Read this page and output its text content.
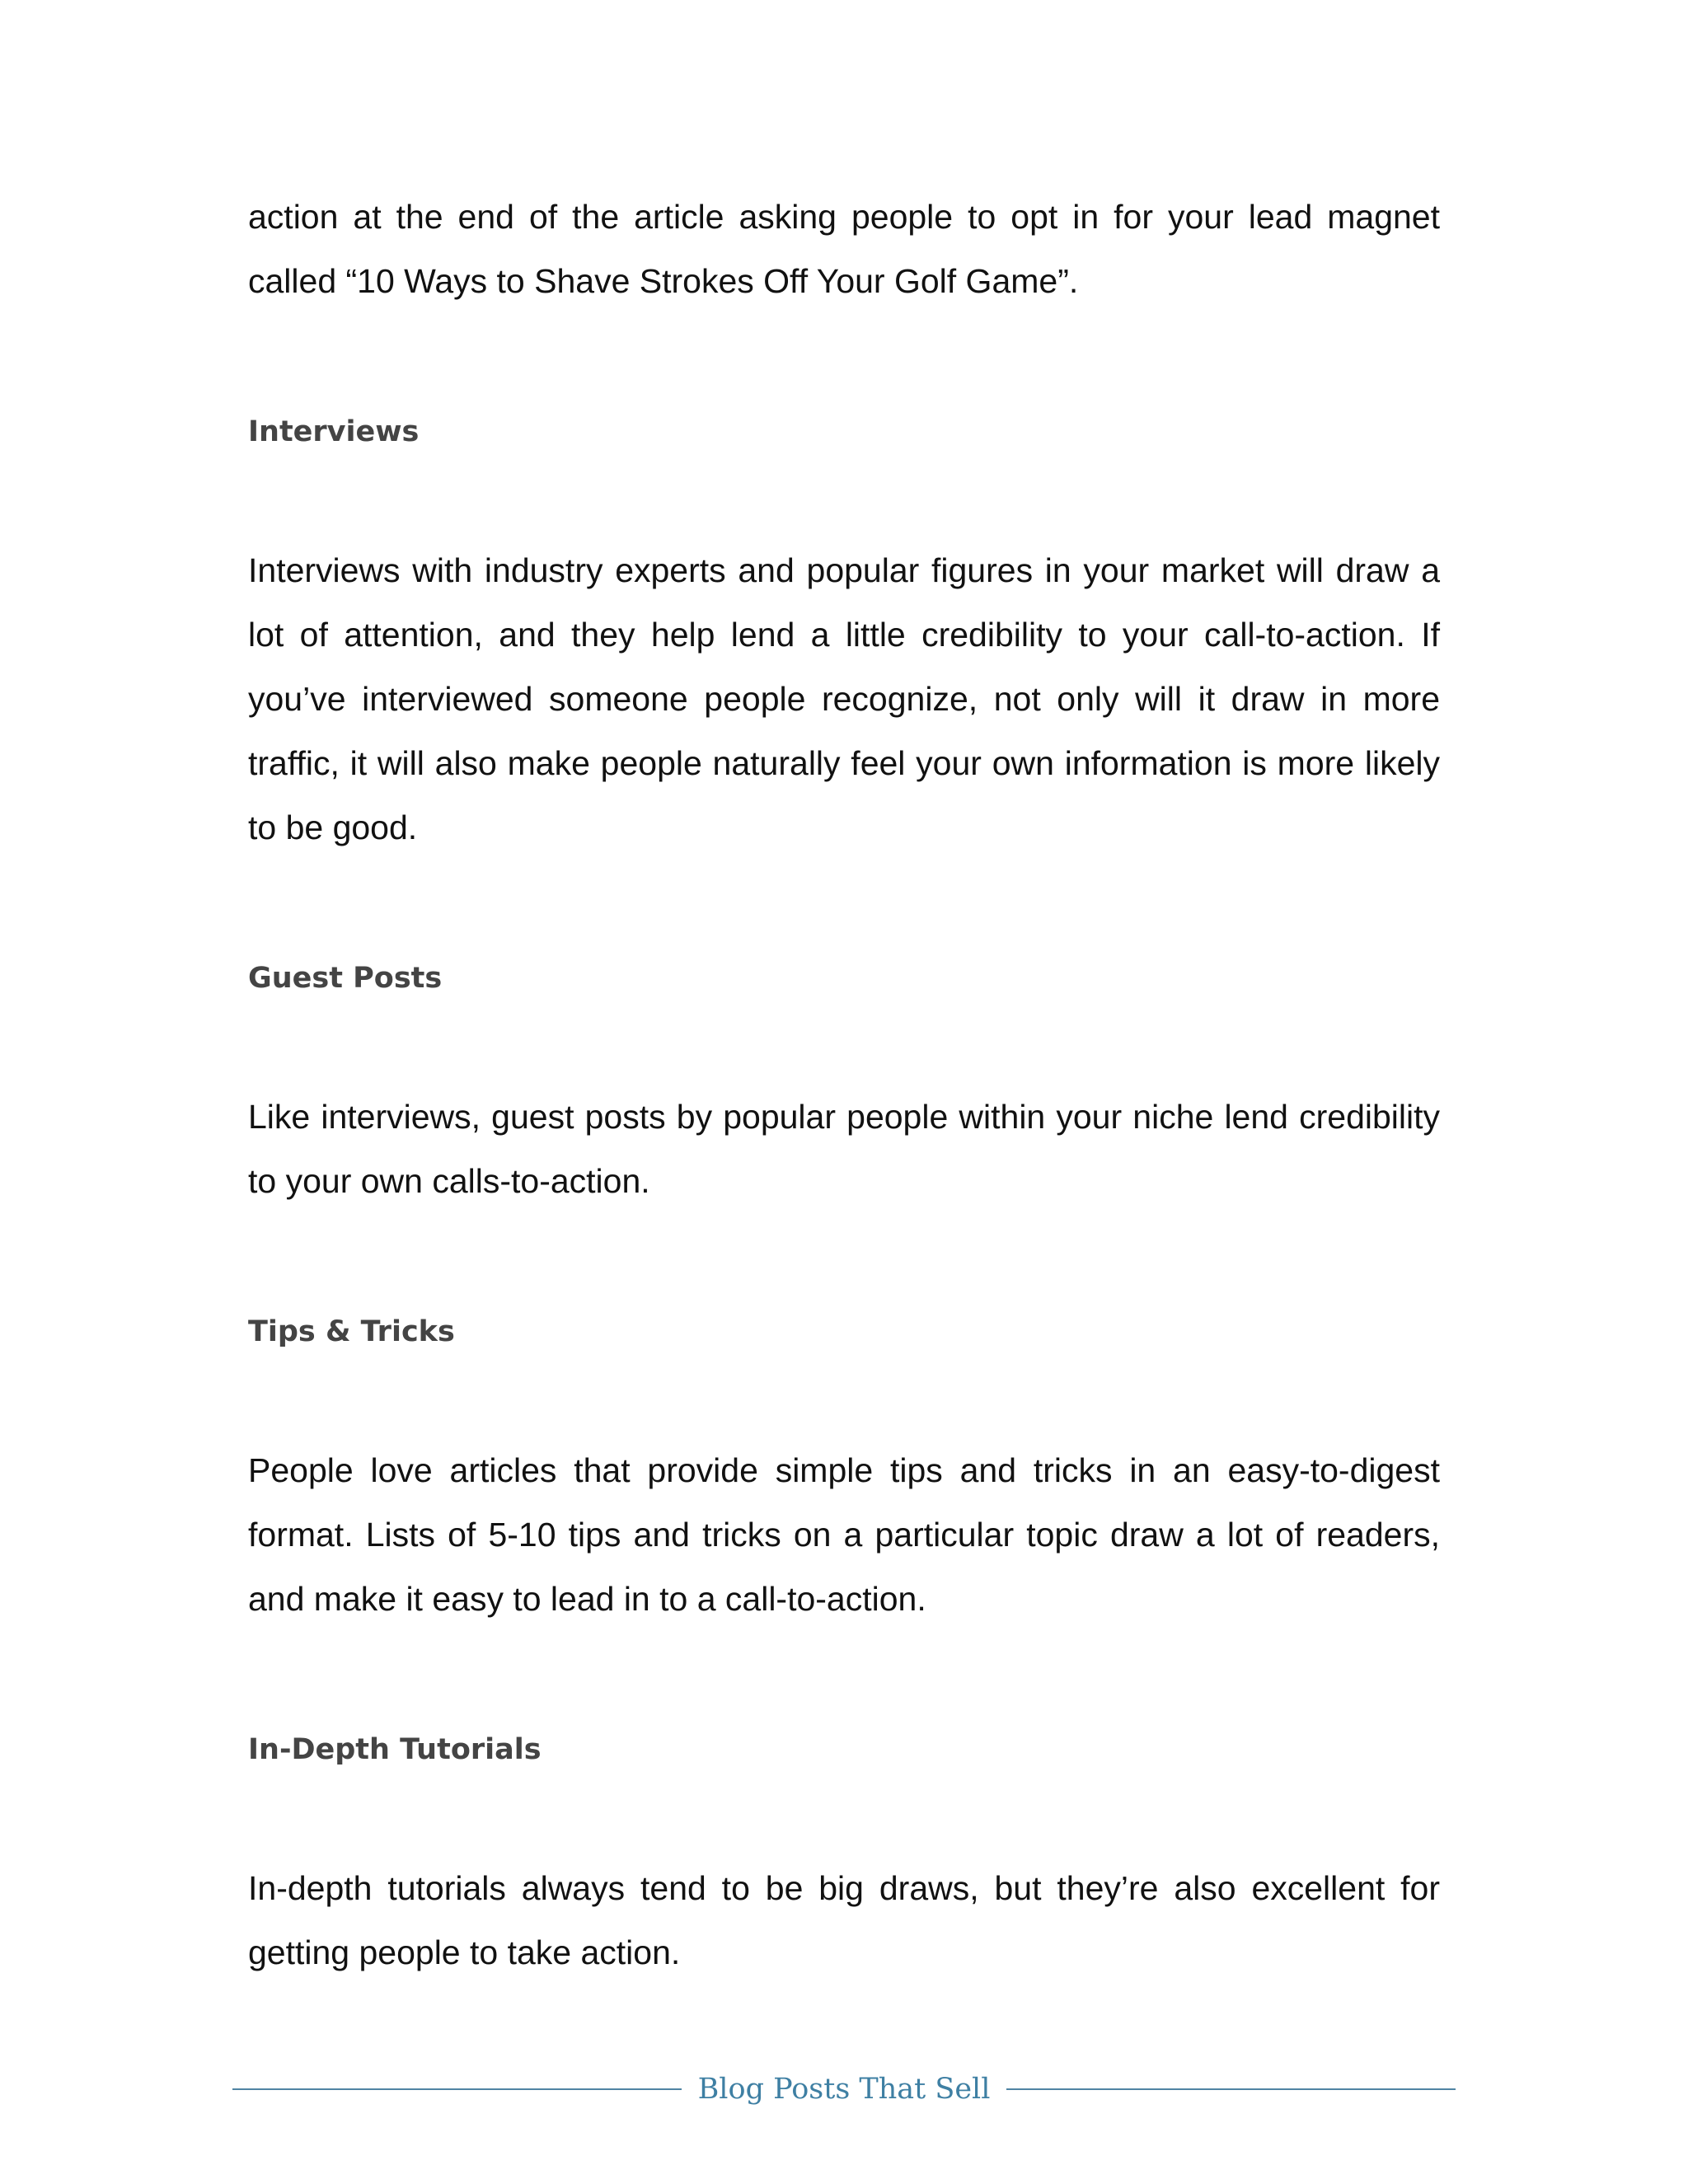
action at the end of the article asking people to opt in for your lead magnet called “10 Ways to Shave Strokes Off Your Golf Game”.

Interviews

Interviews with industry experts and popular figures in your market will draw a lot of attention, and they help lend a little credibility to your call-to-action. If you’ve interviewed someone people recognize, not only will it draw in more traffic, it will also make people naturally feel your own information is more likely to be good.

Guest Posts

Like interviews, guest posts by popular people within your niche lend credibility to your own calls-to-action.

Tips & Tricks

People love articles that provide simple tips and tricks in an easy-to-digest format. Lists of 5-10 tips and tricks on a particular topic draw a lot of readers, and make it easy to lead in to a call-to-action.

In-Depth Tutorials

In-depth tutorials always tend to be big draws, but they’re also excellent for getting people to take action.

Blog Posts That Sell
